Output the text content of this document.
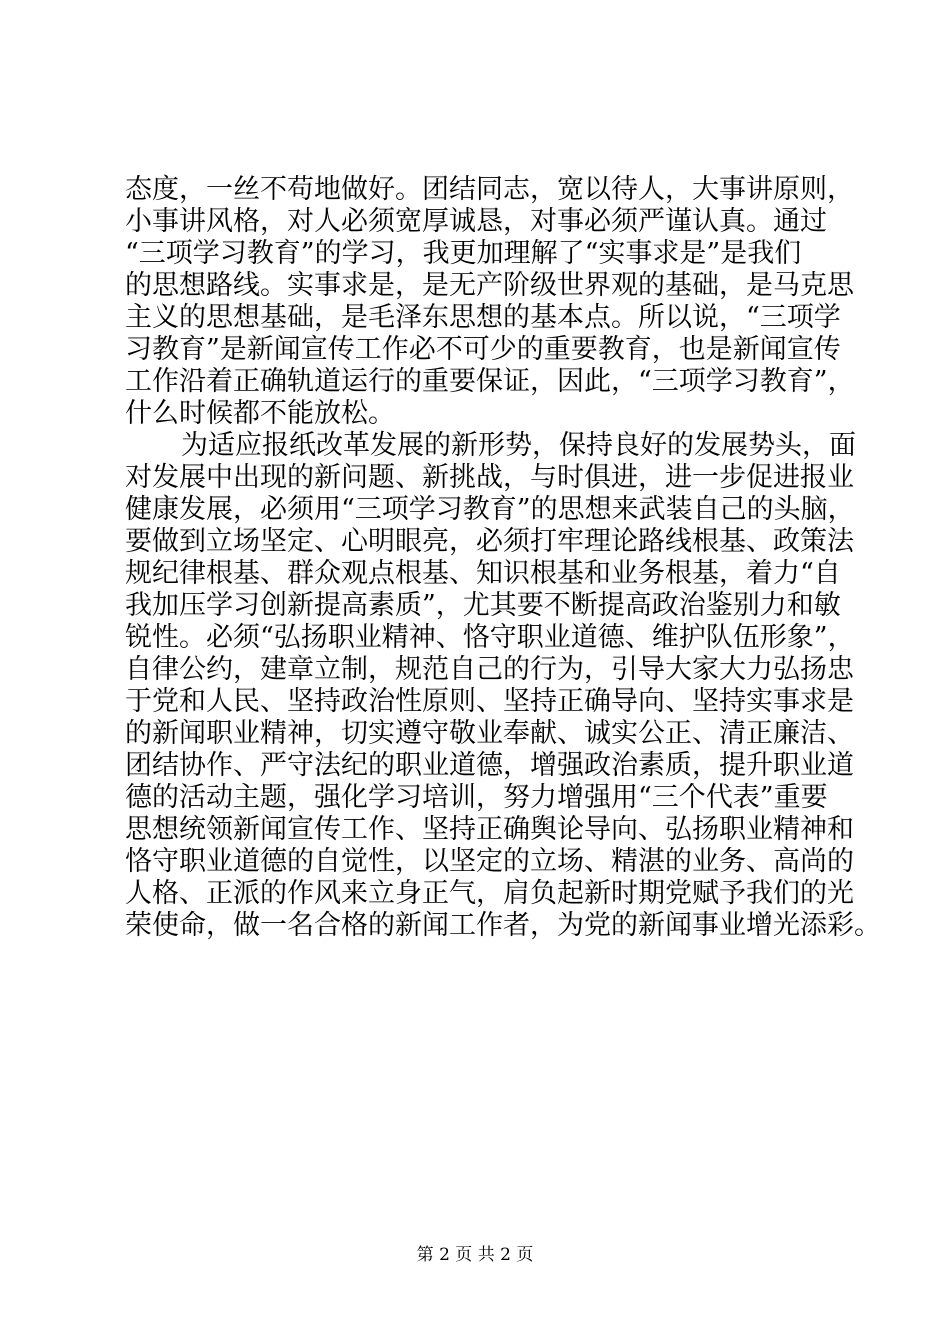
态度，一丝不苟地做好。团结同志，宽以待人，大事讲原则，
小事讲风格，对人必须宽厚诚恳，对事必须严谨认真。通过
“三项学习教育”的学习，我更加理解了“实事求是”是我们
的思想路线。实事求是，是无产阶级世界观的基础，是马克思
主义的思想基础，是毛泽东思想的基本点。所以说，“三项学
习教育”是新闻宣传工作必不可少的重要教育，也是新闻宣传
工作沿着正确轨道运行的重要保证，因此，“三项学习教育”，
什么时候都不能放松。
为适应报纸改革发展的新形势，保持良好的发展势头，面
对发展中出现的新问题、新挑战，与时俱进，进一步促进报业
健康发展，必须用“三项学习教育”的思想来武装自己的头脑，
要做到立场坚定、心明眼亮，必须打牢理论路线根基、政策法
规纪律根基、群众观点根基、知识根基和业务根基，着力“自
我加压学习创新提高素质”，尤其要不断提高政治鉴别力和敏
锐性。必须“弘扬职业精神、恪守职业道德、维护队伍形象”，
自律公约，建章立制，规范自己的行为，引导大家大力弘扬忠
于党和人民、坚持政治性原则、坚持正确导向、坚持实事求是
的新闻职业精神，切实遵守敬业奉献、诚实公正、清正廉洁、
团结协作、严守法纪的职业道德，增强政治素质，提升职业道
德的活动主题，强化学习培训，努力增强用“三个代表”重要
思想统领新闻宣传工作、坚持正确舆论导向、弘扬职业精神和
恪守职业道德的自觉性，以坚定的立场、精湛的业务、高尚的
人格、正派的作风来立身正气，肩负起新时期党赋予我们的光
荣使命，做一名合格的新闻工作者，为党的新闻事业增光添彩。
第 2 页 共 2 页
